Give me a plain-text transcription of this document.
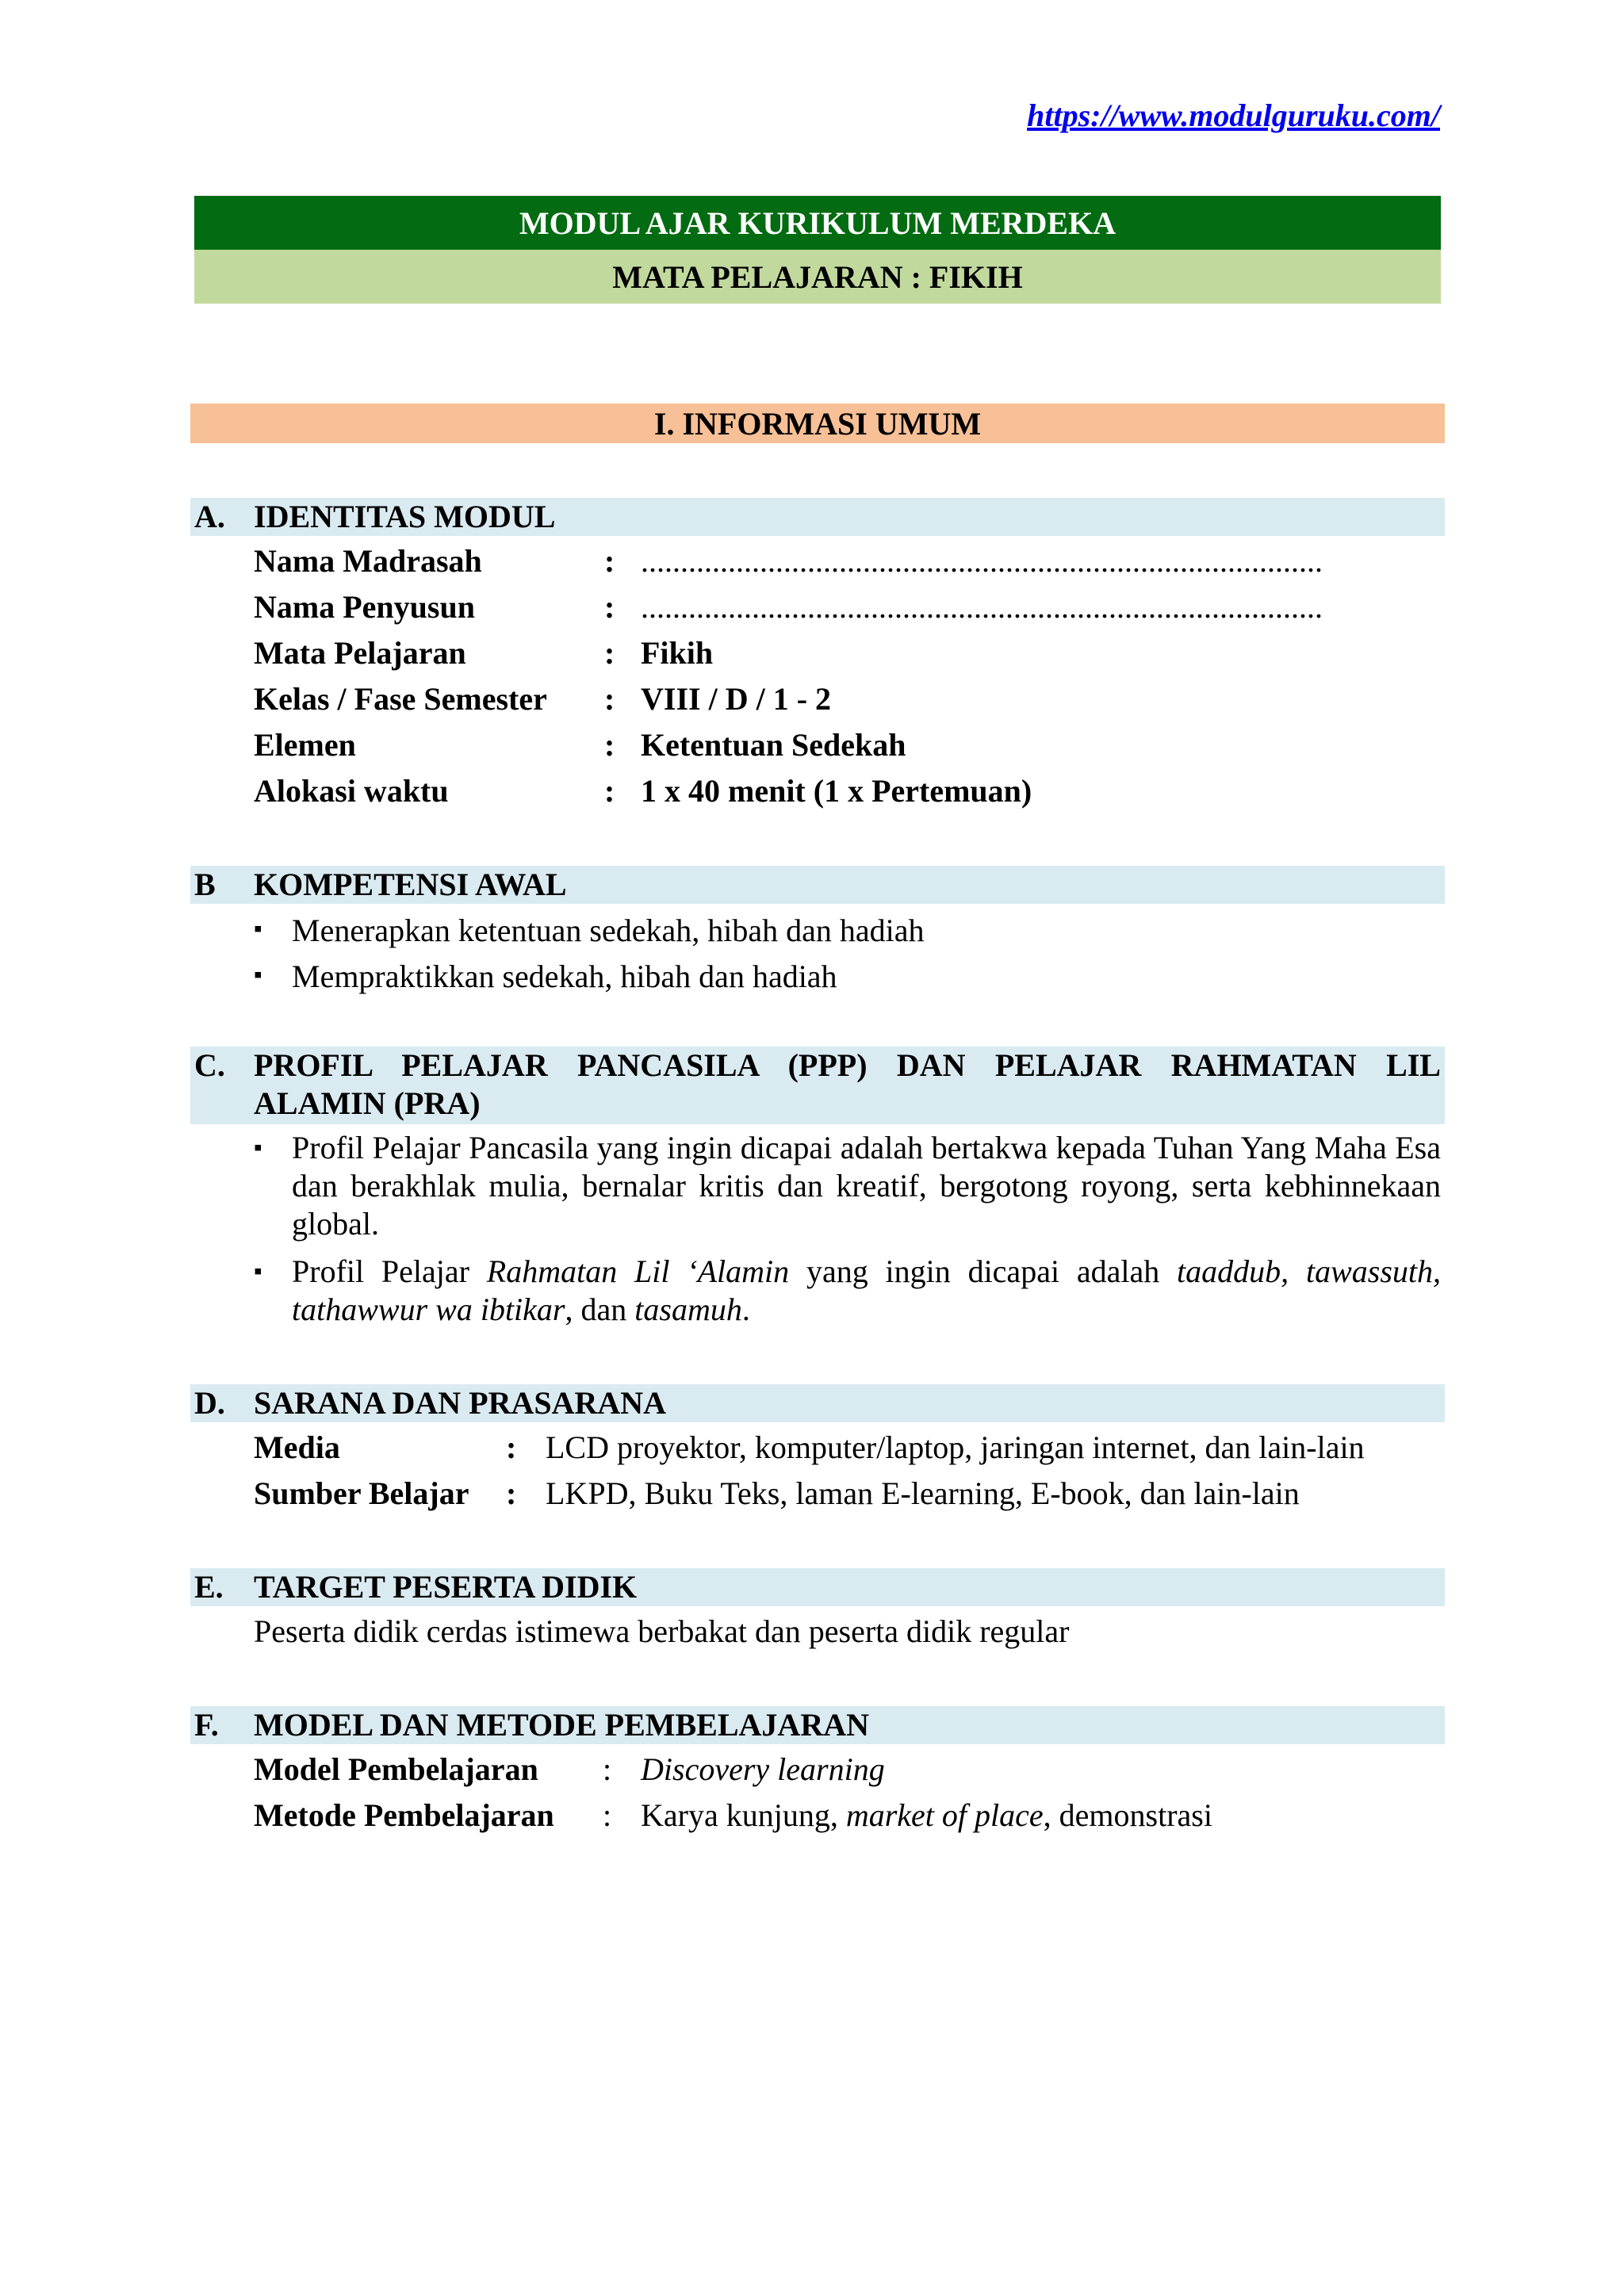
https://www.modulguruku.com/
MODUL AJAR KURIKULUM MERDEKA
MATA PELAJARAN : FIKIH
I. INFORMASI UMUM
A. IDENTITAS MODUL
Nama Madrasah	: ......................................................................................
Nama Penyusun	: ......................................................................................
Mata Pelajaran	: Fikih
Kelas / Fase Semester : VIII / D / 1 - 2
Elemen	: Ketentuan Sedekah
Alokasi waktu	: 1 x 40 menit (1 x Pertemuan)
B KOMPETENSI AWAL
▪ Menerapkan ketentuan sedekah, hibah dan hadiah
▪ Mempraktikkan sedekah, hibah dan hadiah
C. PROFIL PELAJAR PANCASILA (PPP) DAN PELAJAR RAHMATAN LIL
ALAMIN (PRA)
▪ Profil Pelajar Pancasila yang ingin dicapai adalah bertakwa kepada Tuhan Yang Maha Esa dan berakhlak mulia, bernalar kritis dan kreatif, bergotong royong, serta kebhinnekaan global.
▪ Profil Pelajar Rahmatan Lil ‘Alamin yang ingin dicapai adalah taaddub, tawassuth, tathawwur wa ibtikar, dan tasamuh.
D. SARANA DAN PRASARANA
Media	: LCD proyektor, komputer/laptop, jaringan internet, dan lain-lain
Sumber Belajar : LKPD, Buku Teks, laman E-learning, E-book, dan lain-lain
E. TARGET PESERTA DIDIK
Peserta didik cerdas istimewa berbakat dan peserta didik regular
F. MODEL DAN METODE PEMBELAJARAN
Model Pembelajaran : Discovery learning
Metode Pembelajaran : Karya kunjung, market of place, demonstrasi
